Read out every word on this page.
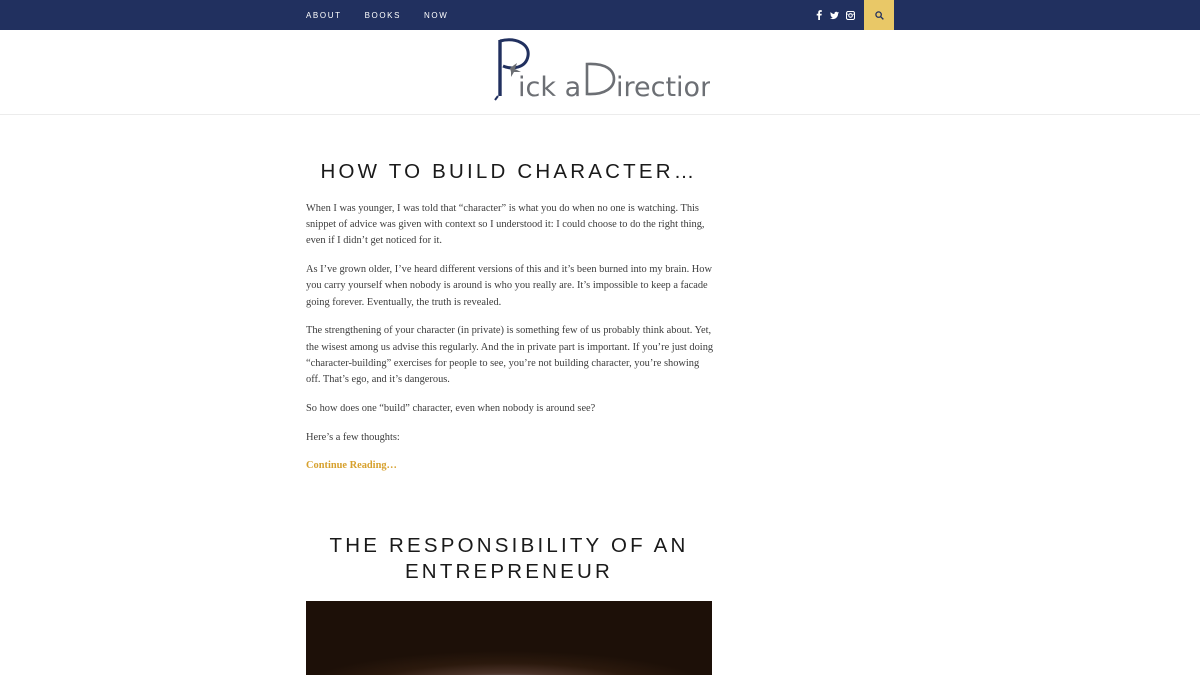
ABOUT	BOOKS	NOW
ick a irection
HOW TO BUILD CHARACTER…

When I was younger, I was told that “character” is what you do when no one is watching. This snippet of advice was given with context so I understood it: I could choose to do the right thing, even if I didn’t get noticed for it.

As I’ve grown older, I’ve heard different versions of this and it’s been burned into my brain. How you carry yourself when nobody is around is who you really are. It’s impossible to keep a facade going forever. Eventually, the truth is revealed.

The strengthening of your character (in private) is something few of us probably think about. Yet, the wisest among us advise this regularly. And the in private part is important. If you’re just doing “character-building” exercises for people to see, you’re not building character, you’re showing off. That’s ego, and it’s dangerous.

So how does one “build” character, even when nobody is around see?

Here’s a few thoughts:

Continue Reading…
THE RESPONSIBILITY OF AN
ENTREPRENEUR
